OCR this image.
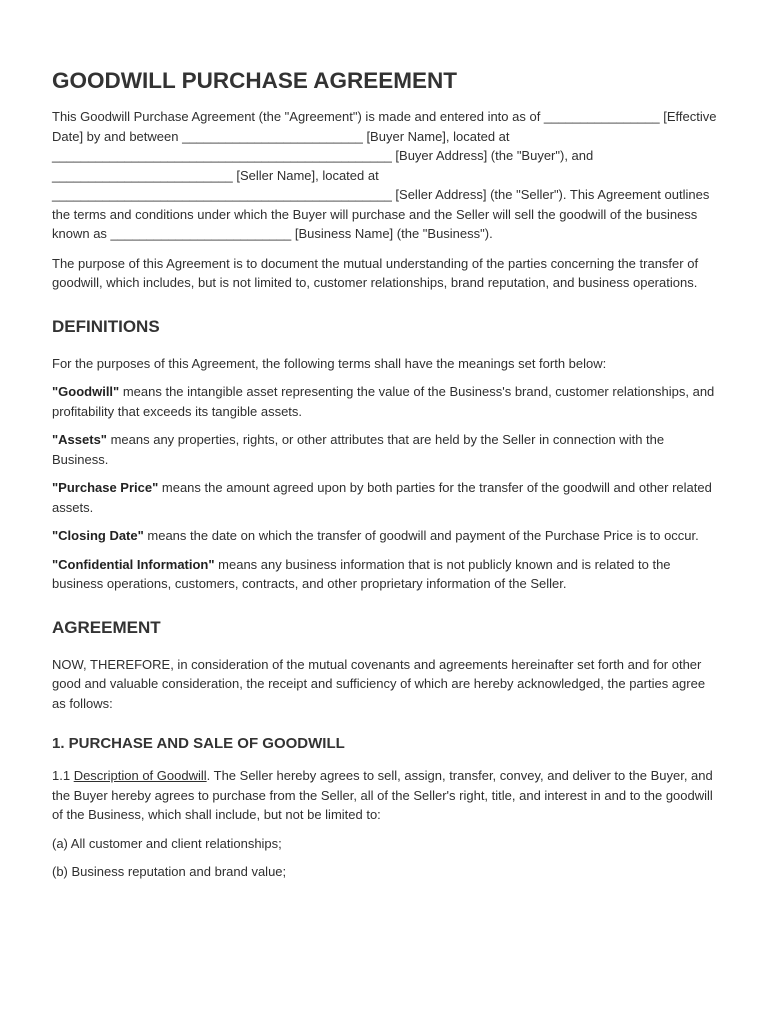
GOODWILL PURCHASE AGREEMENT

This Goodwill Purchase Agreement (the "Agreement") is made and entered into as of ________________ [Effective Date] by and between _________________________ [Buyer Name], located at _______________________________________________ [Buyer Address] (the "Buyer"), and _________________________ [Seller Name], located at _______________________________________________ [Seller Address] (the "Seller"). This Agreement outlines the terms and conditions under which the Buyer will purchase and the Seller will sell the goodwill of the business known as _________________________ [Business Name] (the "Business").

The purpose of this Agreement is to document the mutual understanding of the parties concerning the transfer of goodwill, which includes, but is not limited to, customer relationships, brand reputation, and business operations.

DEFINITIONS

For the purposes of this Agreement, the following terms shall have the meanings set forth below:

"Goodwill" means the intangible asset representing the value of the Business's brand, customer relationships, and profitability that exceeds its tangible assets.

"Assets" means any properties, rights, or other attributes that are held by the Seller in connection with the Business.

"Purchase Price" means the amount agreed upon by both parties for the transfer of the goodwill and other related assets.

"Closing Date" means the date on which the transfer of goodwill and payment of the Purchase Price is to occur.

"Confidential Information" means any business information that is not publicly known and is related to the business operations, customers, contracts, and other proprietary information of the Seller.

AGREEMENT

NOW, THEREFORE, in consideration of the mutual covenants and agreements hereinafter set forth and for other good and valuable consideration, the receipt and sufficiency of which are hereby acknowledged, the parties agree as follows:

1. PURCHASE AND SALE OF GOODWILL

1.1 Description of Goodwill. The Seller hereby agrees to sell, assign, transfer, convey, and deliver to the Buyer, and the Buyer hereby agrees to purchase from the Seller, all of the Seller's right, title, and interest in and to the goodwill of the Business, which shall include, but not be limited to:

(a) All customer and client relationships;

(b) Business reputation and brand value;
